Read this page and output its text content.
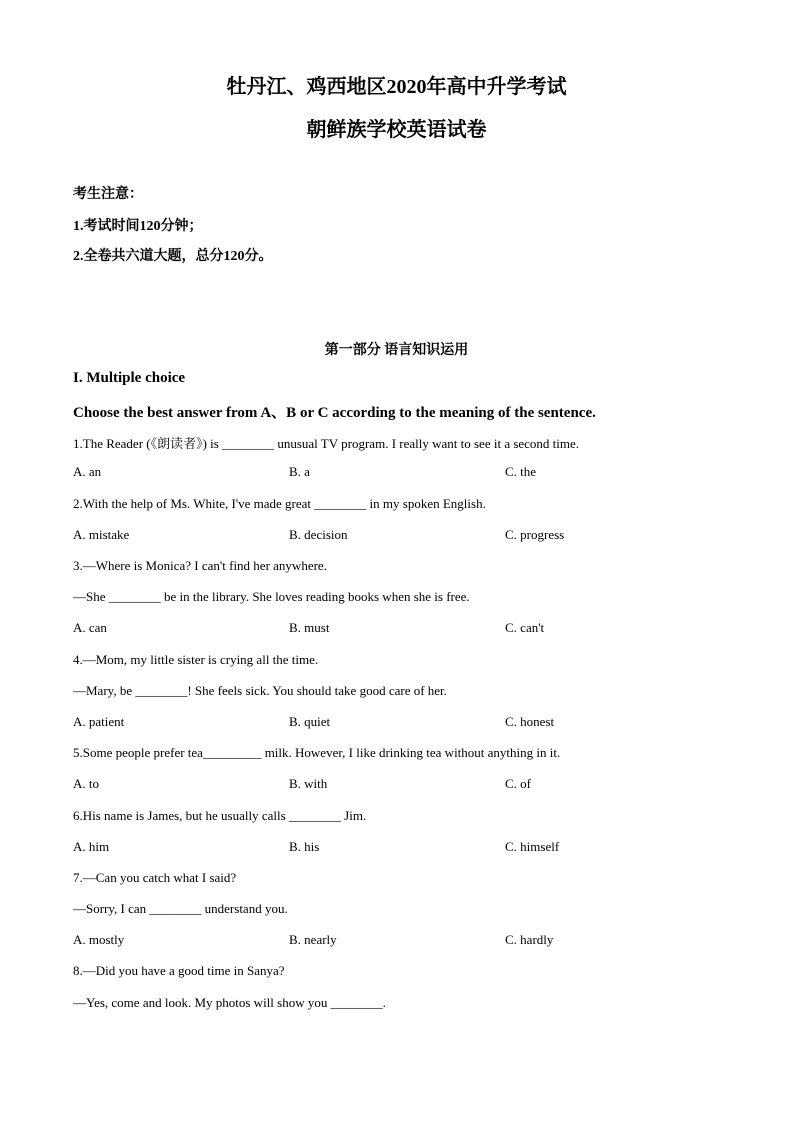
牡丹江、鸡西地区2020年高中升学考试
朝鲜族学校英语试卷
考生注意：
1.考试时间120分钟；
2.全卷共六道大题，总分120分。
第一部分 语言知识运用
I. Multiple choice
Choose the best answer from A、B or C according to the meaning of the sentence.
1.The Reader (《朗读者》) is ________ unusual TV program. I really want to see it a second time.
A. an	B. a	C. the
2.With the help of Ms. White, I've made great ________ in my spoken English.
A. mistake	B. decision	C. progress
3.—Where is Monica? I can't find her anywhere.
—She ________ be in the library. She loves reading books when she is free.
A. can	B. must	C. can't
4.—Mom, my little sister is crying all the time.
—Mary, be ________! She feels sick. You should take good care of her.
A. patient	B. quiet	C. honest
5.Some people prefer tea_________ milk. However, I like drinking tea without anything in it.
A. to	B. with	C. of
6.His name is James, but he usually calls ________ Jim.
A. him	B. his	C. himself
7.—Can you catch what I said?
—Sorry, I can ________ understand you.
A. mostly	B. nearly	C. hardly
8.—Did you have a good time in Sanya?
—Yes, come and look. My photos will show you ________.
